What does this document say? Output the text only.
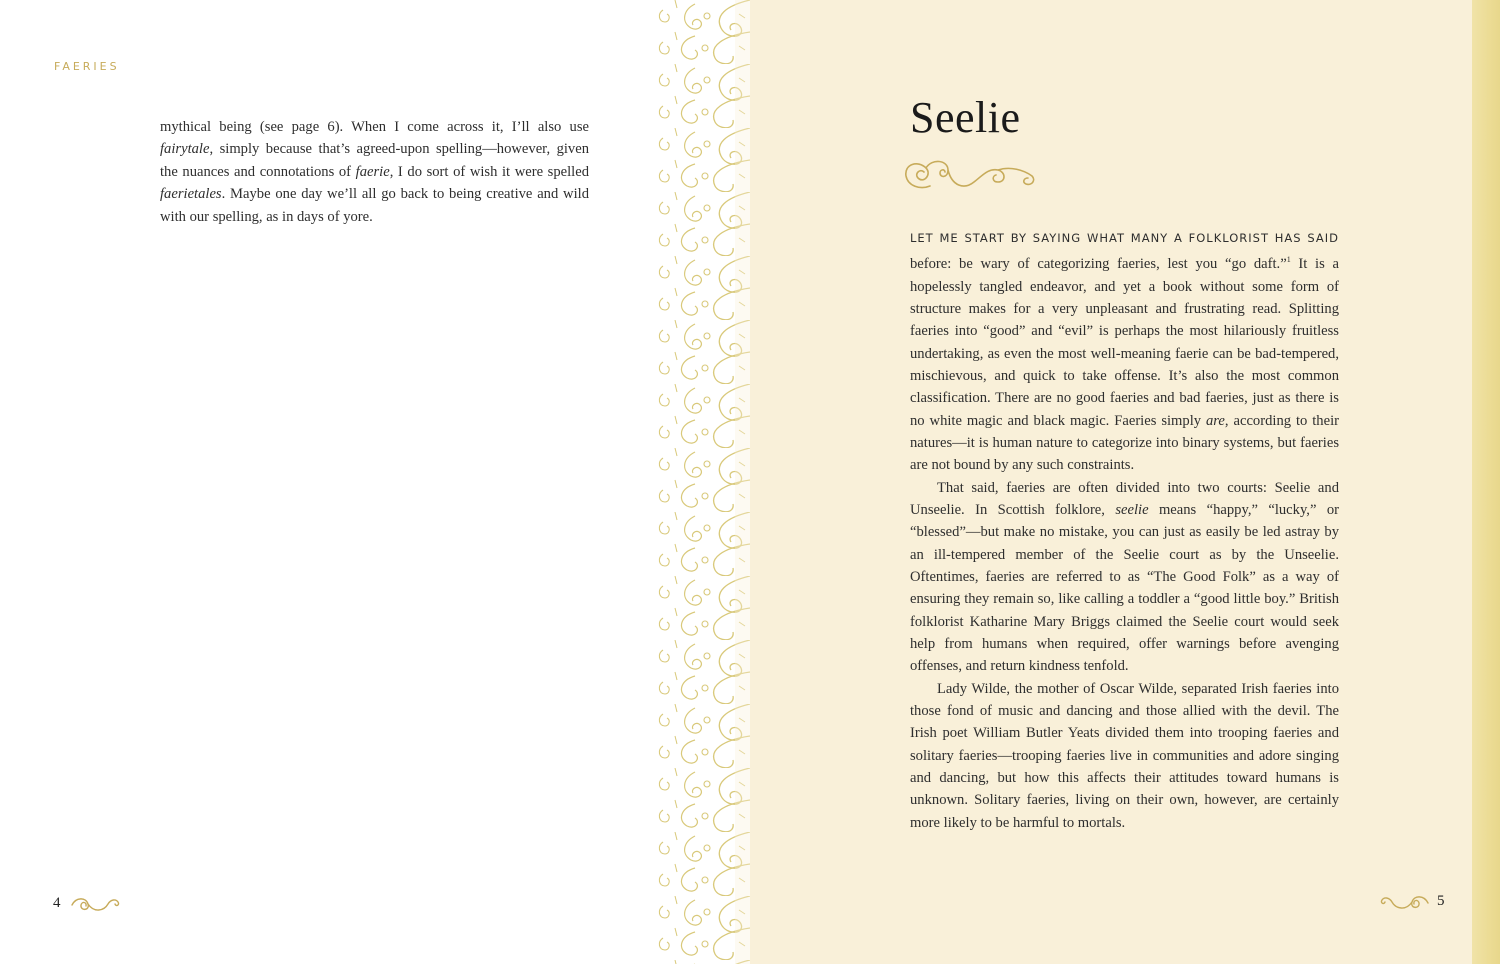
FAERIES
mythical being (see page 6). When I come across it, I’ll also use fairytale, simply because that’s agreed-upon spelling—however, given the nuances and connotations of faerie, I do sort of wish it were spelled faerietales. Maybe one day we’ll all go back to being creative and wild with our spelling, as in days of yore.
4
Seelie

LET ME START BY SAYING WHAT MANY A FOLKLORIST HAS SAID before: be wary of categorizing faeries, lest you “go daft.”$^1$ It is a hopelessly tangled endeavor, and yet a book without some form of structure makes for a very unpleasant and frustrating read. Splitting faeries into “good” and “evil” is perhaps the most hilariously fruitless undertaking, as even the most well-meaning faerie can be bad-tempered, mischievous, and quick to take offense. It’s also the most common classification. There are no good faeries and bad faeries, just as there is no white magic and black magic. Faeries simply are, according to their natures—it is human nature to categorize into binary systems, but faeries are not bound by any such constraints.

That said, faeries are often divided into two courts: Seelie and Unseelie. In Scottish folklore, seelie means “happy,” “lucky,” or “blessed”—but make no mistake, you can just as easily be led astray by an ill-tempered member of the Seelie court as by the Unseelie. Oftentimes, faeries are referred to as “The Good Folk” as a way of ensuring they remain so, like calling a toddler a “good little boy.” British folklorist Katharine Mary Briggs claimed the Seelie court would seek help from humans when required, offer warnings before avenging offenses, and return kindness tenfold.

Lady Wilde, the mother of Oscar Wilde, separated Irish faeries into those fond of music and dancing and those allied with the devil. The Irish poet William Butler Yeats divided them into trooping faeries and solitary faeries—trooping faeries live in communities and adore singing and dancing, but how this affects their attitudes toward humans is unknown. Solitary faeries, living on their own, however, are certainly more likely to be harmful to mortals.

5
